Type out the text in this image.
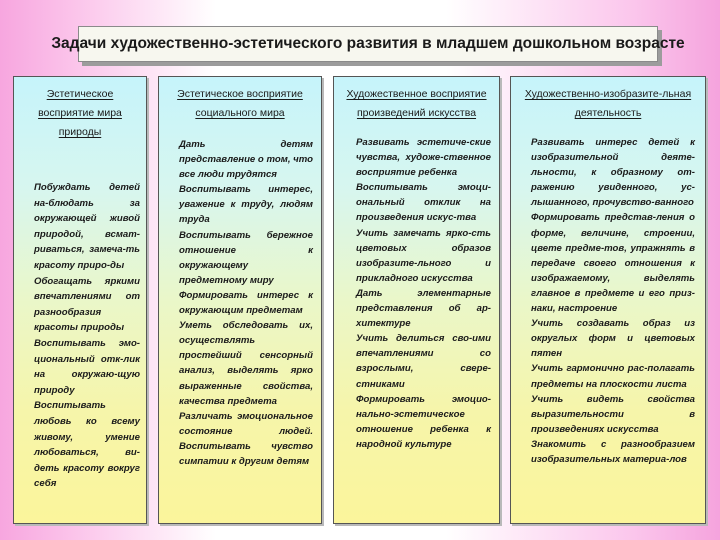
Задачи художественно-эстетического развития в младшем дошкольном возрасте
Эстетическое восприятие мира природы
Побуждать детей на-блюдать за окружающей живой природой, всмат-риваться, замеча-ть красоту приро-ды
Обогащать яркими впечатлениями от разнообразия красоты природы
Воспитывать эмо-циональный отк-лик на окружаю-щую природу
Воспитывать любовь ко всему живому, умение любоваться, ви-деть красоту вокруг себя
Эстетическое восприятие социального мира
Дать детям представление о том, что все люди трудятся
Воспитывать интерес, уважение к труду, людям труда
Воспитывать бережное отношение к окружающему предметному миру
Формировать интерес к окружающим предметам
Уметь обследовать их, осуществлять простейший сенсорный анализ, выделять ярко выраженные свойства, качества предмета
Различать эмоциональное состояние людей. Воспитывать чувство симпатии к другим детям
Художественное восприятие произведений искусства
Развивать эстетиче-ские чувства, художе-ственное восприятие ребенка
Воспитывать эмоци-ональный отклик на произведения искус-тва
Учить замечать ярко-сть цветовых образов изобразите-льного и прикладного искусства
Дать элементарные представления об ар-хитектуре
Учить делиться сво-ими впечатлениями со взрослыми, свере-стниками
Формировать эмоцио-нально-эстетическое отношение ребенка к народной культуре
Художественно-изобразите-льная деятельность
Развивать интерес детей к изобразительной деяте-льности, к образному от-ражению увиденного, ус-лышанного, прочувство-ванного
Формировать представ-ления о форме, величине, строении, цвете предме-тов, упражнять в передаче своего отношения к изображаемому, выделять главное в предмете и его приз-наки, настроение
Учить создавать образ из округлых форм и цветовых пятен
Учить гармонично рас-полагать предметы на плоскости листа
Учить видеть свойства выразительности в произведениях искусства
Знакомить с разнообразием изобразительных материа-лов
